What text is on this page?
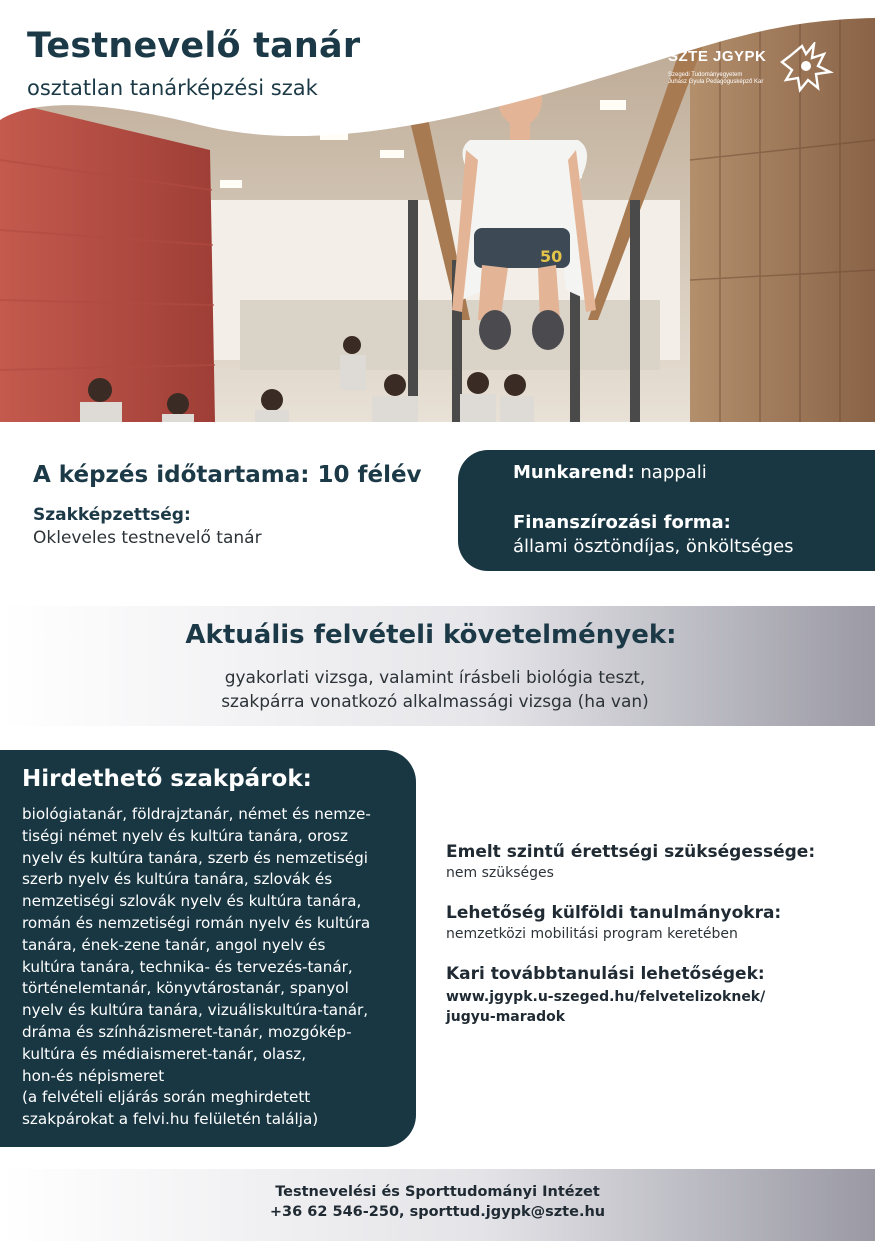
50
Testnevelő tanár
osztatlan tanárképzési szak
SZTE JGYPK
Szegedi Tudományegyetem
Juhász Gyula Pedagógusképző Kar
A képzés időtartama: 10 félév
Szakképzettség:
Okleveles testnevelő tanár
Munkarend: nappali
Finanszírozási forma:
állami ösztöndíjas, önköltséges
Aktuális felvételi követelmények:
gyakorlati vizsga, valamint írásbeli biológia teszt,
szakpárra vonatkozó alkalmassági vizsga (ha van)
Hirdethető szakpárok:
biológiatanár, földrajztanár, német és nemze-
tiségi német nyelv és kultúra tanára, orosz
nyelv és kultúra tanára, szerb és nemzetiségi
szerb nyelv és kultúra tanára, szlovák és
nemzetiségi szlovák nyelv és kultúra tanára,
román és nemzetiségi román nyelv és kultúra
tanára, ének-zene tanár, angol nyelv és
kultúra tanára, technika- és tervezés-tanár,
történelemtanár, könyvtárostanár, spanyol
nyelv és kultúra tanára, vizuáliskultúra-tanár,
dráma és színházismeret-tanár, mozgókép-
kultúra és médiaismeret-tanár, olasz,
hon-és népismeret
(a felvételi eljárás során meghirdetett
szakpárokat a felvi.hu felületén találja)
Emelt szintű érettségi szükségessége:
nem szükséges
Lehetőség külföldi tanulmányokra:
nemzetközi mobilitási program keretében
Kari továbbtanulási lehetőségek:
www.jgypk.u-szeged.hu/felvetelizoknek/
jugyu-maradok
Testnevelési és Sporttudományi Intézet
+36 62 546-250, sporttud.jgypk@szte.hu
